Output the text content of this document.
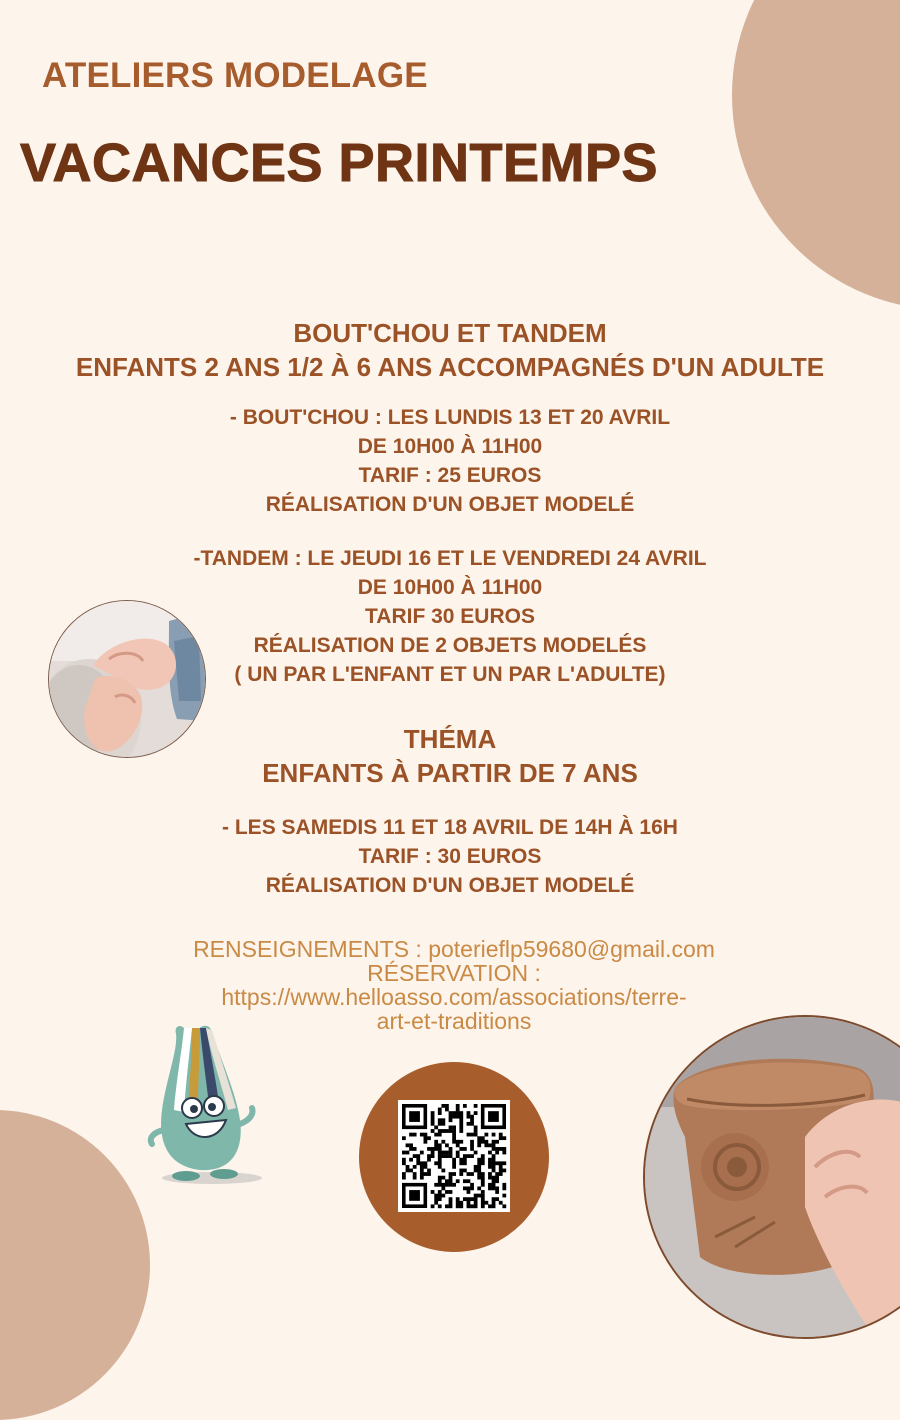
ATELIERS MODELAGE
VACANCES PRINTEMPS
BOUT'CHOU ET TANDEM
ENFANTS 2 ANS 1/2 À 6 ANS ACCOMPAGNÉS D'UN ADULTE
- BOUT'CHOU : LES LUNDIS 13 ET 20 AVRIL
DE 10H00 À 11H00
TARIF : 25 EUROS
RÉALISATION D'UN OBJET MODELÉ
-TANDEM : LE JEUDI 16 ET LE VENDREDI 24 AVRIL
DE 10H00 À 11H00
TARIF 30 EUROS
RÉALISATION DE 2 OBJETS MODELÉS
( UN PAR L'ENFANT ET UN PAR L'ADULTE)
THÉMA
ENFANTS À PARTIR DE 7 ANS
- LES SAMEDIS 11 ET 18 AVRIL DE 14H À 16H
TARIF : 30 EUROS
RÉALISATION D'UN OBJET MODELÉ
RENSEIGNEMENTS : poterieflp59680@gmail.com
RÉSERVATION :
https://www.helloasso.com/associations/terre-
art-et-traditions
